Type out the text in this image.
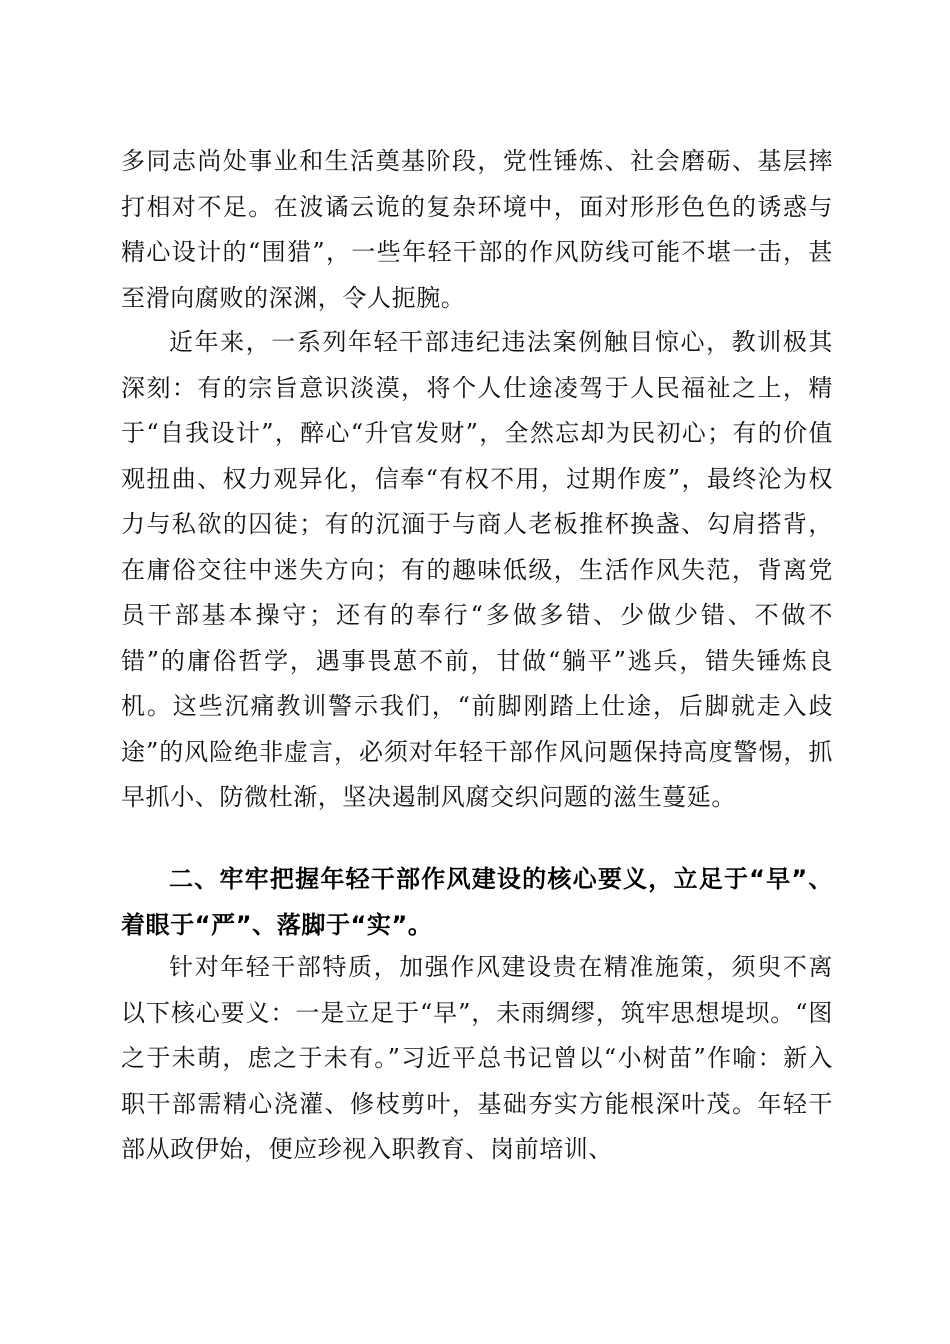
多同志尚处事业和生活奠基阶段，党性锤炼、社会磨砺、基层摔打相对不足。在波谲云诡的复杂环境中，面对形形色色的诱惑与精心设计的“围猎”，一些年轻干部的作风防线可能不堪一击，甚至滑向腐败的深渊，令人扼腕。

近年来，一系列年轻干部违纪违法案例触目惊心，教训极其深刻：有的宗旨意识淡漠，将个人仕途凌驾于人民福祉之上，精于“自我设计”，醉心“升官发财”，全然忘却为民初心；有的价值观扭曲、权力观异化，信奉“有权不用，过期作废”，最终沦为权力与私欲的囚徒；有的沉湎于与商人老板推杯换盏、勾肩搭背，在庸俗交往中迷失方向；有的趣味低级，生活作风失范，背离党员干部基本操守；还有的奉行“多做多错、少做少错、不做不错”的庸俗哲学，遇事畏葸不前，甘做“躺平”逃兵，错失锤炼良机。这些沉痛教训警示我们，“前脚刚踏上仕途，后脚就走入歧途”的风险绝非虚言，必须对年轻干部作风问题保持高度警惕，抓早抓小、防微杜渐，坚决遏制风腐交织问题的滋生蔓延。

二、牢牢把握年轻干部作风建设的核心要义，立足于“早”、着眼于“严”、落脚于“实”。

针对年轻干部特质，加强作风建设贵在精准施策，须臾不离以下核心要义：一是立足于“早”，未雨绸缪，筑牢思想堤坝。“图之于未萌，虑之于未有。”习近平总书记曾以“小树苗”作喻：新入职干部需精心浇灌、修枝剪叶，基础夯实方能根深叶茂。年轻干部从政伊始，便应珍视入职教育、岗前培训、
